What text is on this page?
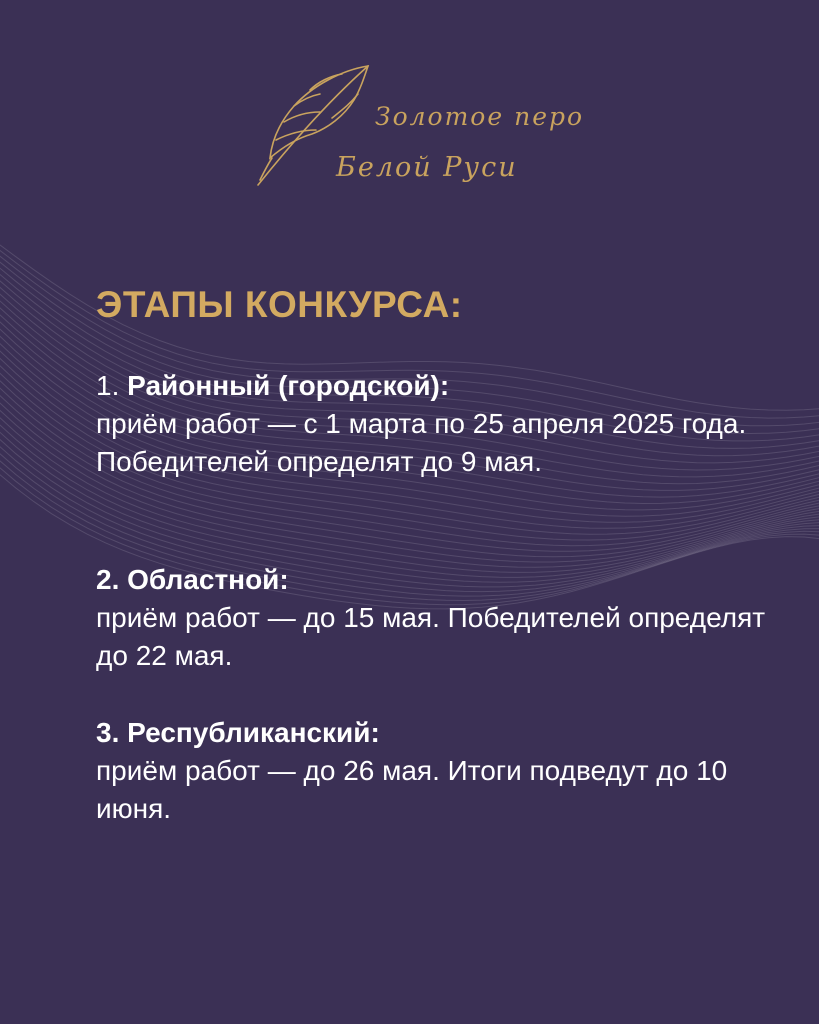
Золотое перо
Белой Руси
ЭТАПЫ КОНКУРСА:
1. Районный (городской):
приём работ — с 1 марта по 25 апреля 2025 года. Победителей определят до 9 мая.
2. Областной:
приём работ — до 15 мая. Победителей определят до 22 мая.
3. Республиканский:
приём работ — до 26 мая. Итоги подведут до 10 июня.
